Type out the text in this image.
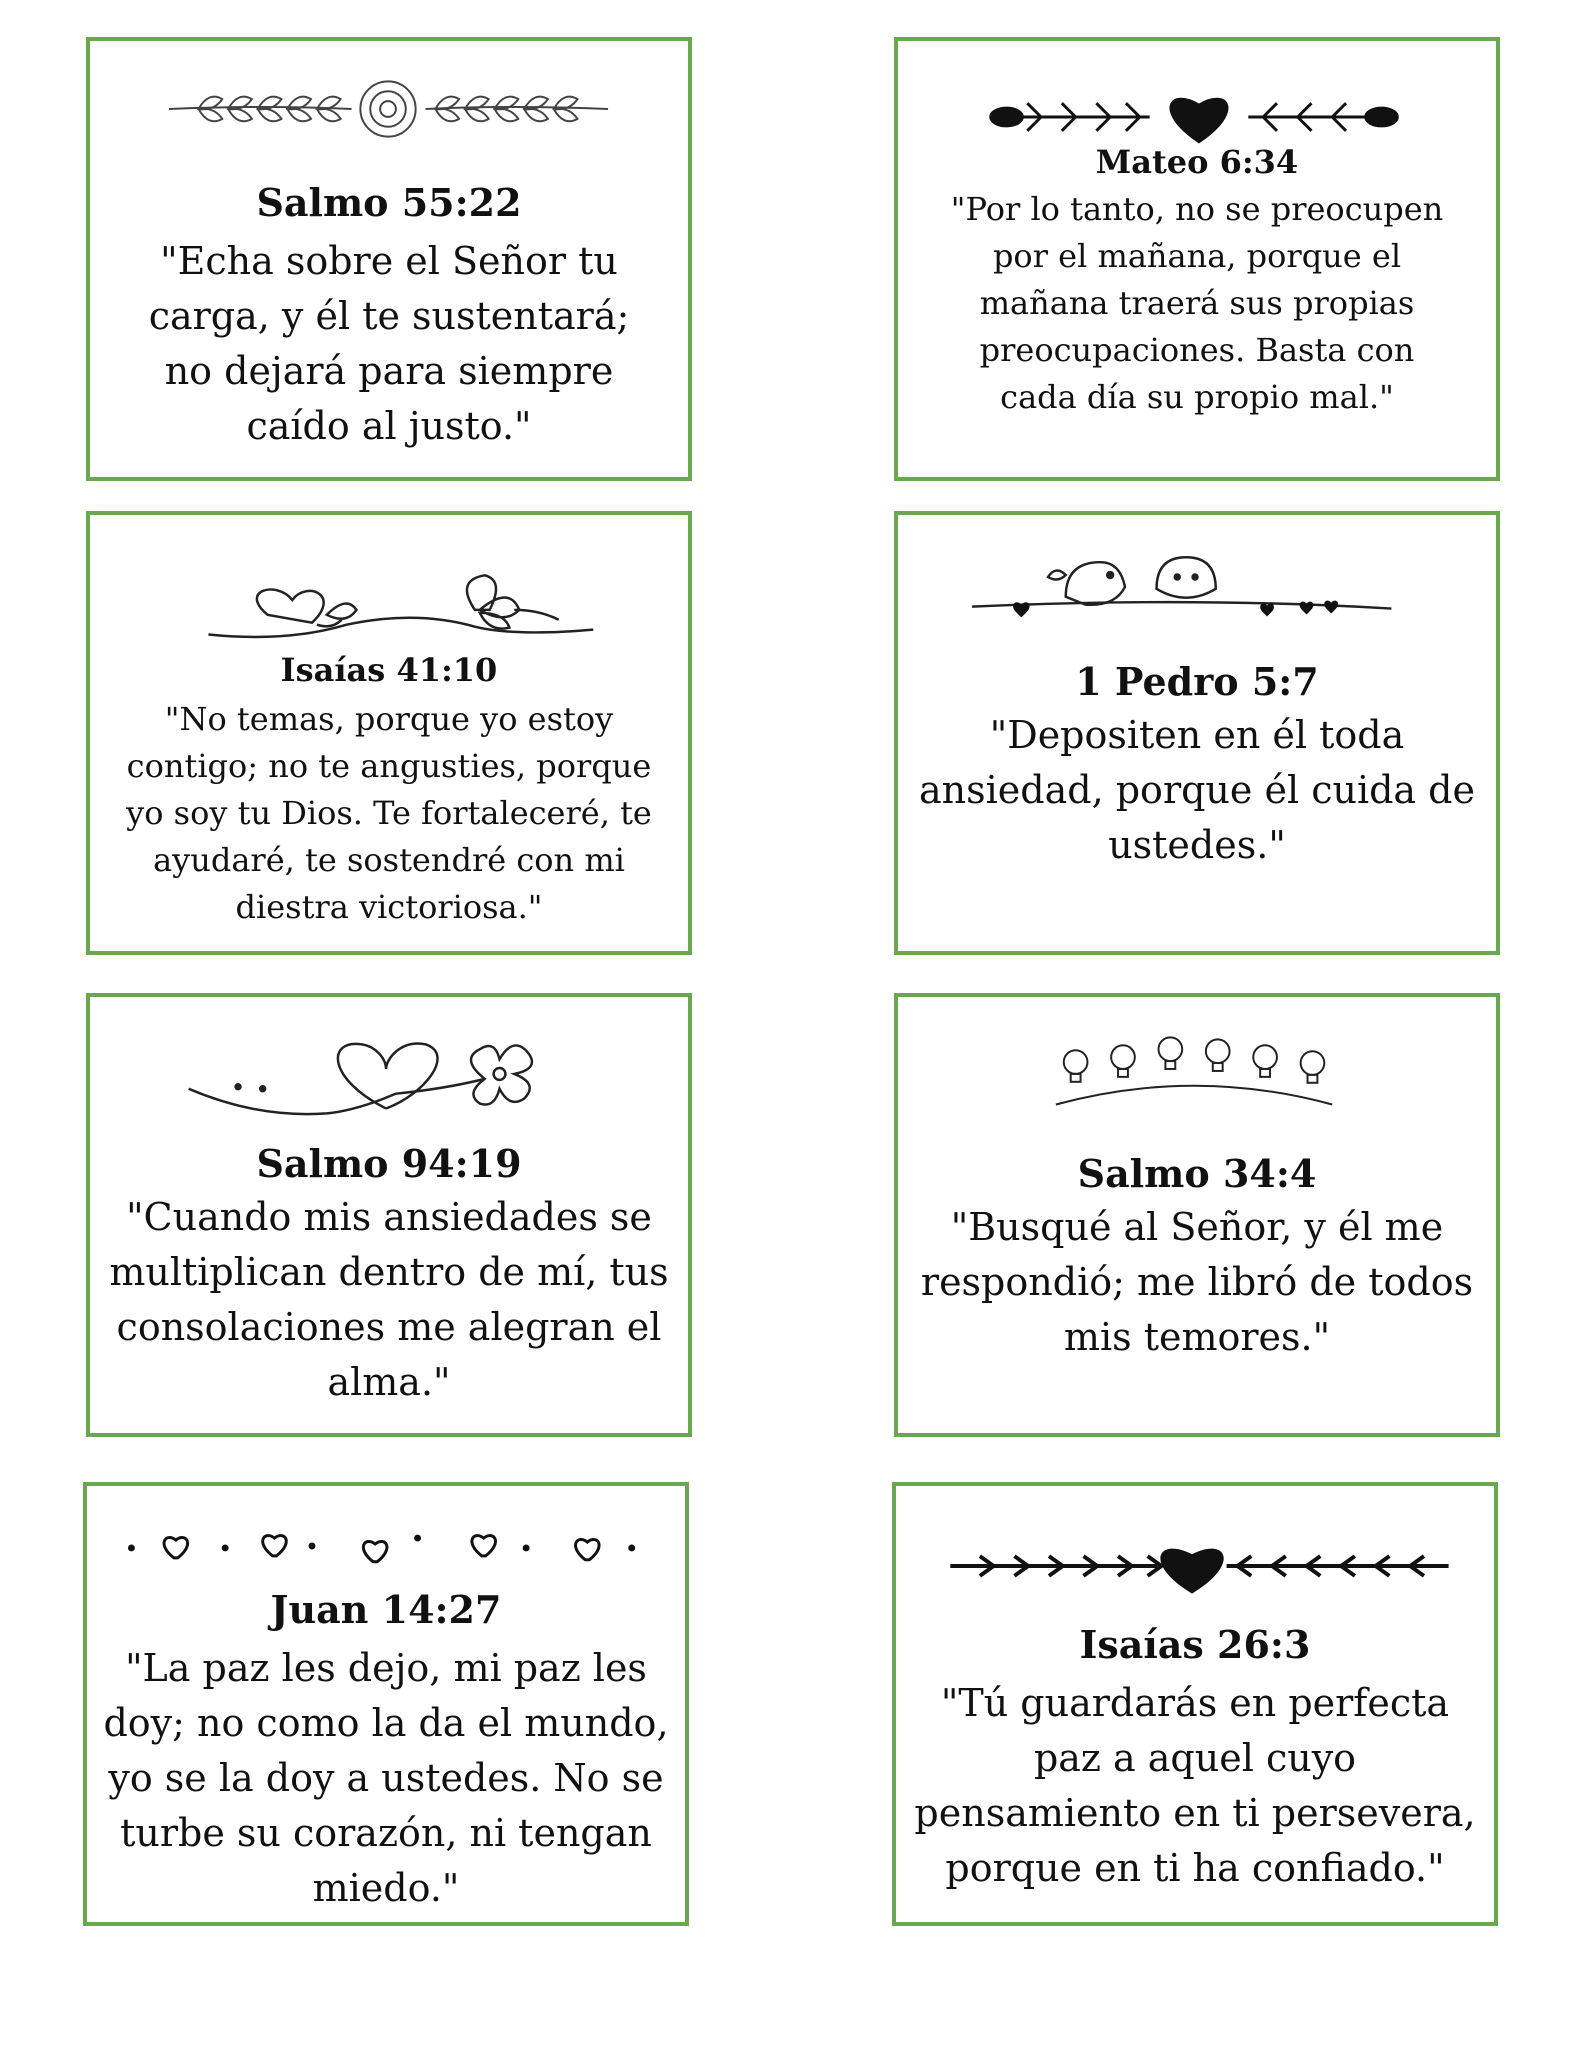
Salmo 55:22
"Echa sobre el Señor tu
carga, y él te sustentará;
no dejará para siempre
caído al justo."
Mateo 6:34
"Por lo tanto, no se preocupen
por el mañana, porque el
mañana traerá sus propias
preocupaciones. Basta con
cada día su propio mal."
Isaías 41:10
"No temas, porque yo estoy
contigo; no te angusties, porque
yo soy tu Dios. Te fortaleceré, te
ayudaré, te sostendré con mi
diestra victoriosa."
1 Pedro 5:7
"Depositen en él toda
ansiedad, porque él cuida de
ustedes."
Salmo 94:19
"Cuando mis ansiedades se
multiplican dentro de mí, tus
consolaciones me alegran el
alma."
Salmo 34:4
"Busqué al Señor, y él me
respondió; me libró de todos
mis temores."
Juan 14:27
"La paz les dejo, mi paz les
doy; no como la da el mundo,
yo se la doy a ustedes. No se
turbe su corazón, ni tengan
miedo."
Isaías 26:3
"Tú guardarás en perfecta
paz a aquel cuyo
pensamiento en ti persevera,
porque en ti ha confiado."
